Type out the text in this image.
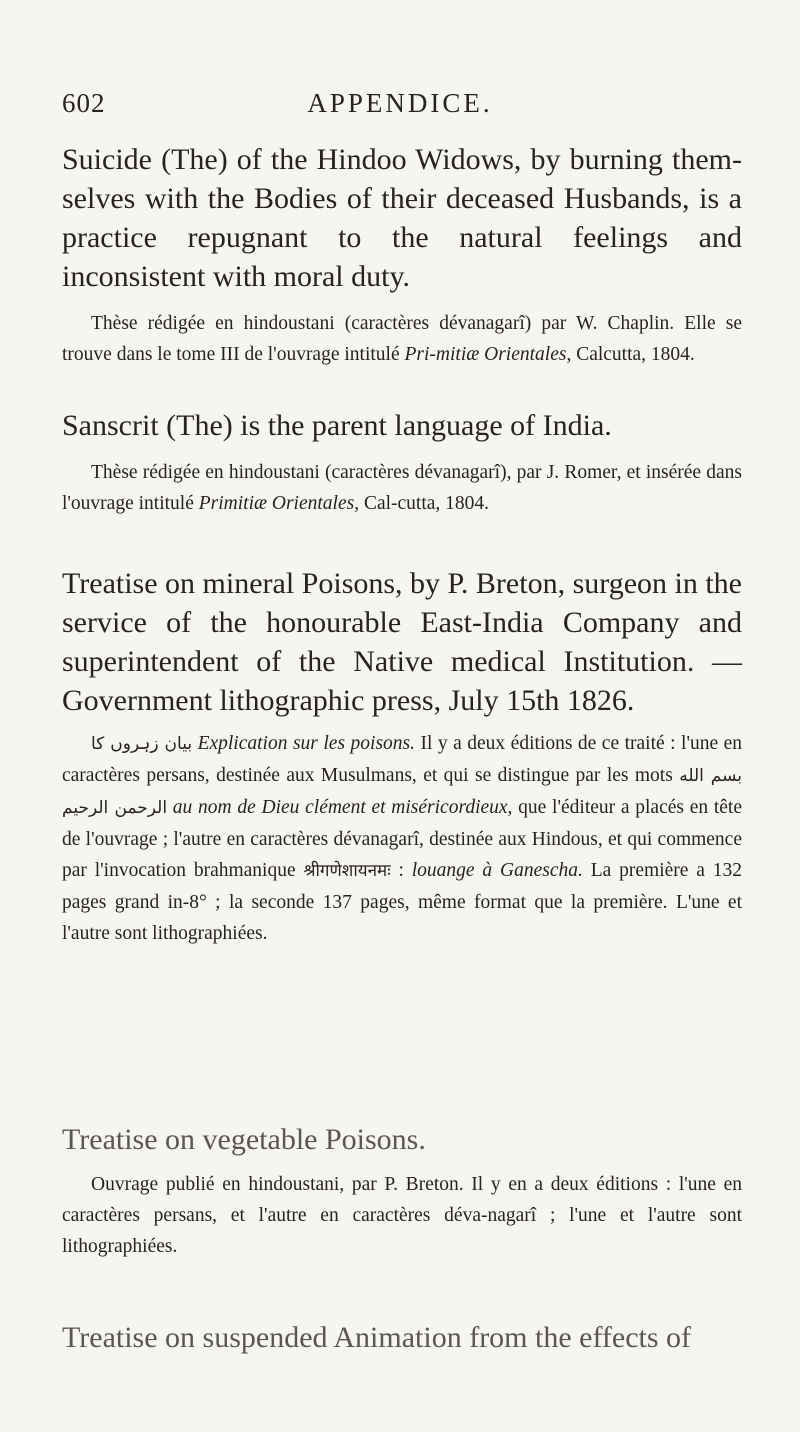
602	APPENDICE.

Suicide (The) of the Hindoo Widows, by burning them-selves with the Bodies of their deceased Husbands, is a practice repugnant to the natural feelings and inconsistent with moral duty.

Thèse rédigée en hindoustani (caractères dévanagarî) par W. Chaplin. Elle se trouve dans le tome III de l'ouvrage intitulé Pri-mitiæ Orientales, Calcutta, 1804.

Sanscrit (The) is the parent language of India.

Thèse rédigée en hindoustani (caractères dévanagarî), par J. Romer, et insérée dans l'ouvrage intitulé Primitiæ Orientales, Cal-cutta, 1804.

Treatise on mineral Poisons, by P. Breton, surgeon in the service of the honourable East-India Company and superintendent of the Native medical Institution. —Government lithographic press, July 15th 1826.

بیان زہروں کا Explication sur les poisons. Il y a deux éditions de ce traité : l'une en caractères persans, destinée aux Musulmans, et qui se distingue par les mots بسم الله الرحمن الرحيم au nom de Dieu clément et miséricordieux, que l'éditeur a placés en tête de l'ouvrage ; l'autre en caractères dévanagarî, destinée aux Hindous, et qui commence par l'invocation brahmanique श्रीगणेशायनमः : louange à Ganescha. La première a 132 pages grand in-8° ; la seconde 137 pages, même format que la première. L'une et l'autre sont lithographiées.

Treatise on vegetable Poisons.

Ouvrage publié en hindoustani, par P. Breton. Il y en a deux éditions : l'une en caractères persans, et l'autre en caractères déva-nagarî ; l'une et l'autre sont lithographiées.

Treatise on suspended Animation from the effects of
